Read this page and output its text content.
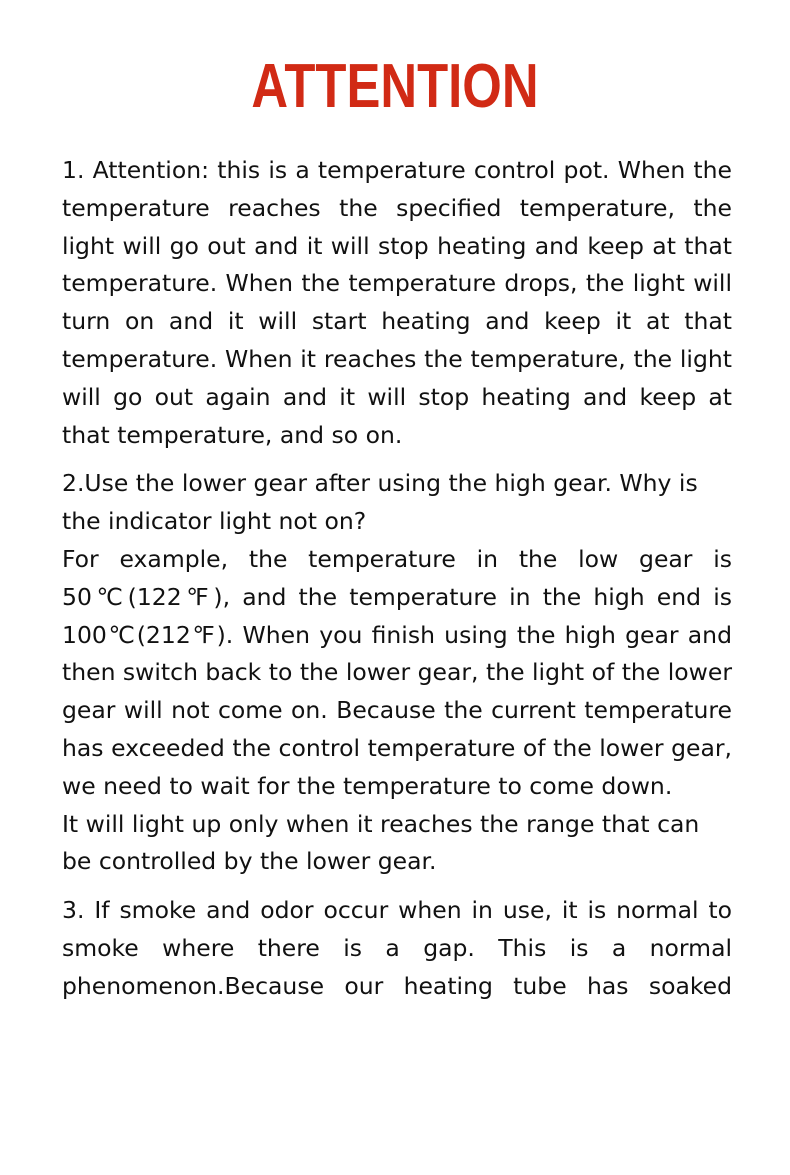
ATTENTION

1. Attention: this is a temperature control pot. When the temperature reaches the specified temperature, the light will go out and it will stop heating and keep at that temperature. When the temperature drops, the light will turn on and it will start heating and keep it at that temperature. When it reaches the temperature, the light will go out again and it will stop heating and keep at that temperature, and so on.

2.Use the lower gear after using the high gear. Why is the indicator light not on?

For example, the temperature in the low gear is 50℃(122℉), and the temperature in the high end is 100℃(212℉). When you finish using the high gear and then switch back to the lower gear, the light of the lower gear will not come on. Because the current temperature has exceeded the control temperature of the lower gear, we need to wait for the temperature to come down.

It will light up only when it reaches the range that can be controlled by the lower gear.

3. If smoke and odor occur when in use, it is normal to smoke where there is a gap. This is a normal phenomenon.Because our heating tube has soaked
